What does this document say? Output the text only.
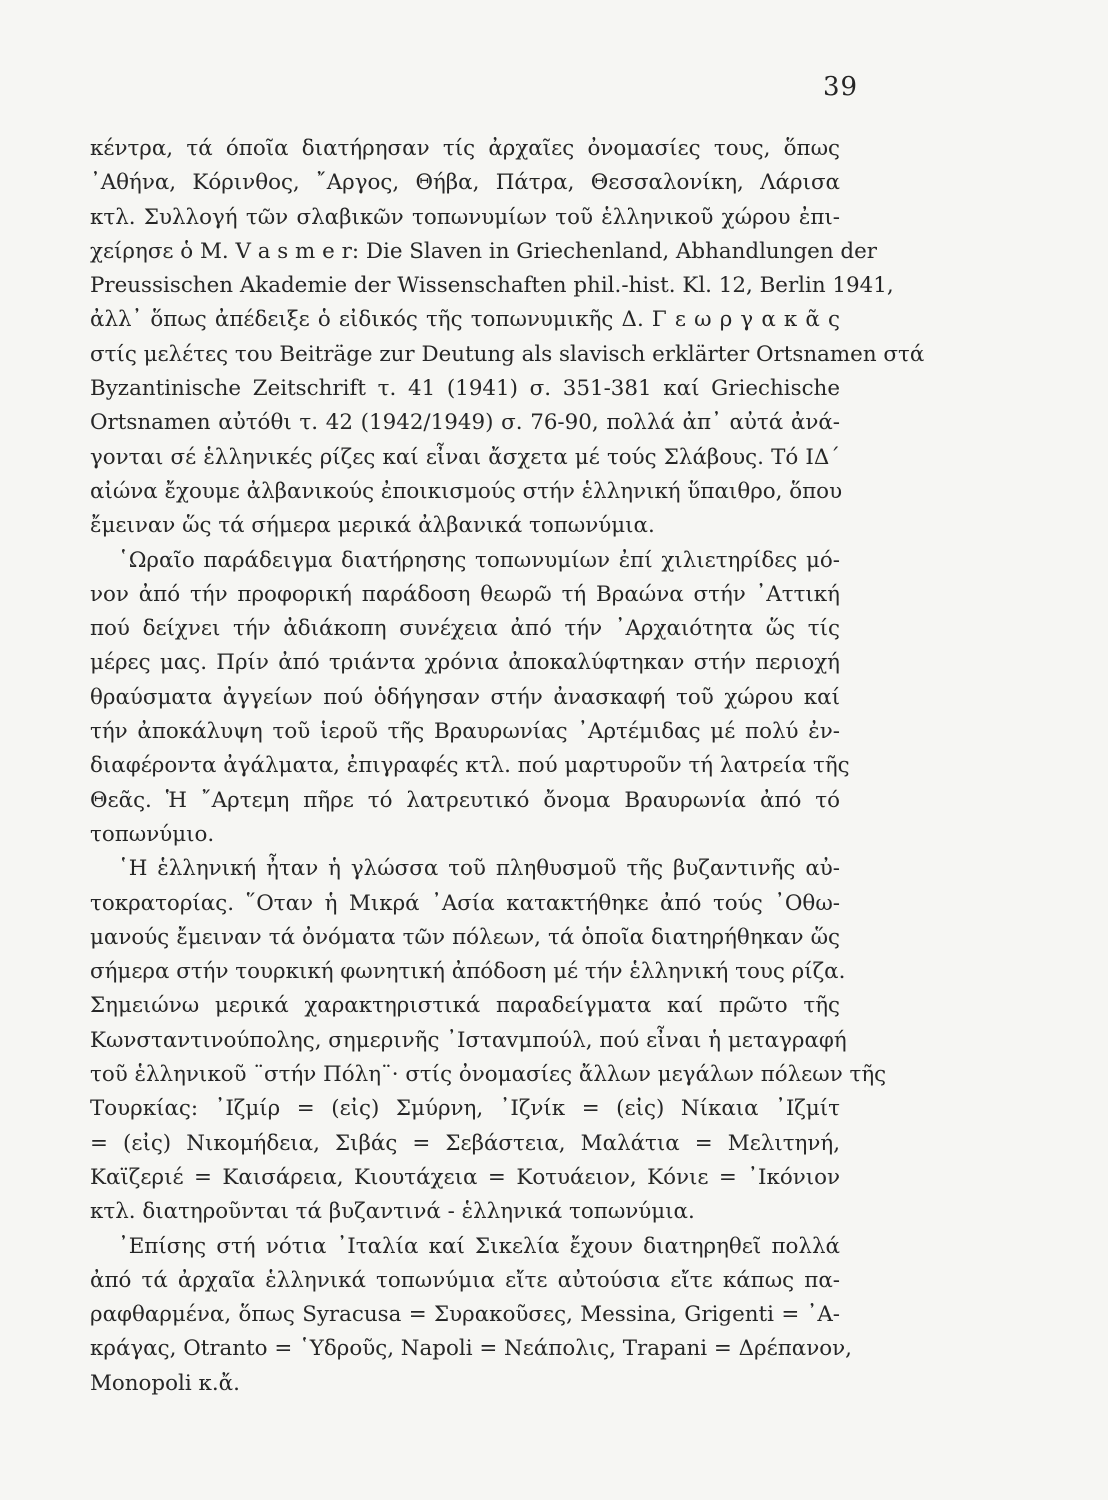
39
κέντρα, τά όποῖα διατήρησαν τίς ἀρχαῖες ὀνομασίες τους, ὅπως
᾿Αθήνα, Κόρινθος, ῎Αργος, Θήβα, Πάτρα, Θεσσαλονίκη, Λάρισα
κτλ. Συλλογή τῶν σλαβικῶν τοπωνυμίων τοῦ ἑλληνικοῦ χώρου ἐπι-
χείρησε ὁ Μ. V a s m e r: Die Slaven in Griechenland, Abhandlungen der
Preussischen Akademie der Wissenschaften phil.-hist. Kl. 12, Berlin 1941,
ἀλλ᾿ ὅπως ἀπέδειξε ὁ εἰδικός τῆς τοπωνυμικῆς Δ. Γ ε ω ρ γ α κ ᾶ ς
στίς μελέτες του Beiträge zur Deutung als slavisch erklärter Ortsnamen στά
Byzantinische Zeitschrift τ. 41 (1941) σ. 351-381 καί Griechische
Ortsnamen αὐτόθι τ. 42 (1942/1949) σ. 76-90, πολλά ἀπ᾿ αὐτά ἀνά-
γονται σέ ἑλληνικές ρίζες καί εἶναι ἄσχετα μέ τούς Σλάβους. Τό ΙΔ΄
αἰώνα ἔχουμε ἀλβανικούς ἐποικισμούς στήν ἑλληνική ὕπαιθρο, ὅπου
ἔμειναν ὥς τά σήμερα μερικά ἀλβανικά τοπωνύμια.
῾Ωραῖο παράδειγμα διατήρησης τοπωνυμίων ἐπί χιλιετηρίδες μό-
νον ἀπό τήν προφορική παράδοση θεωρῶ τή Βραώνα στήν ᾿Αττική
πού δείχνει τήν ἀδιάκοπη συνέχεια ἀπό τήν ᾿Αρχαιότητα ὥς τίς
μέρες μας. Πρίν ἀπό τριάντα χρόνια ἀποκαλύφτηκαν στήν περιοχή
θραύσματα ἀγγείων πού ὁδήγησαν στήν ἀνασκαφή τοῦ χώρου καί
τήν ἀποκάλυψη τοῦ ἱεροῦ τῆς Βραυρωνίας ᾿Αρτέμιδας μέ πολύ ἐν-
διαφέροντα ἀγάλματα, ἐπιγραφές κτλ. πού μαρτυροῦν τή λατρεία τῆς
Θεᾶς. Ἡ ῎Αρτεμη πῆρε τό λατρευτικό ὄνομα Βραυρωνία ἀπό τό
τοπωνύμιο.
῾Η ἑλληνική ἦταν ἡ γλώσσα τοῦ πληθυσμοῦ τῆς βυζαντινῆς αὐ-
τοκρατορίας. ῞Οταν ἡ Μικρά ᾿Ασία κατακτήθηκε ἀπό τούς ᾿Οθω-
μανούς ἔμειναν τά ὀνόματα τῶν πόλεων, τά ὁποῖα διατηρήθηκαν ὥς
σήμερα στήν τουρκική φωνητική ἀπόδοση μέ τήν ἑλληνική τους ρίζα.
Σημειώνω μερικά χαρακτηριστικά παραδείγματα καί πρῶτο τῆς
Κωνσταντινούπολης, σημερινῆς ᾿Ισταvμπούλ, πού εἶναι ἡ μεταγραφή
τοῦ ἑλληνικοῦ ¨στήν Πόλη¨· στίς ὀνομασίες ἄλλων μεγάλων πόλεων τῆς
Τουρκίας: ᾿Ιζμίρ = (εἰς) Σμύρνη, ᾿Ιζνίκ = (εἰς) Νίκαια ᾿Ιζμίτ
= (εἰς) Νικομήδεια, Σιβάς = Σεβάστεια, Μαλάτια = Μελιτηνή,
Καϊζεριέ = Καισάρεια, Κιουτάχεια = Κοτυάειον, Κόνιε = ᾿Ικόνιον
κτλ. διατηροῦνται τά βυζαντινά - ἑλληνικά τοπωνύμια.
᾿Επίσης στή νότια ᾿Ιταλία καί Σικελία ἔχουν διατηρηθεῖ πολλά
ἀπό τά ἀρχαῖα ἑλληνικά τοπωνύμια εἴτε αὐτούσια εἴτε κάπως πα-
ραφθαρμένα, ὅπως Syracusa = Συρακοῦσες, Messina, Grigenti = ᾿Α-
κράγας, Otranto = ῾Υδροῦς, Napoli = Νεάπολις, Trapani = Δρέπανον,
Monopoli κ.ἄ.
